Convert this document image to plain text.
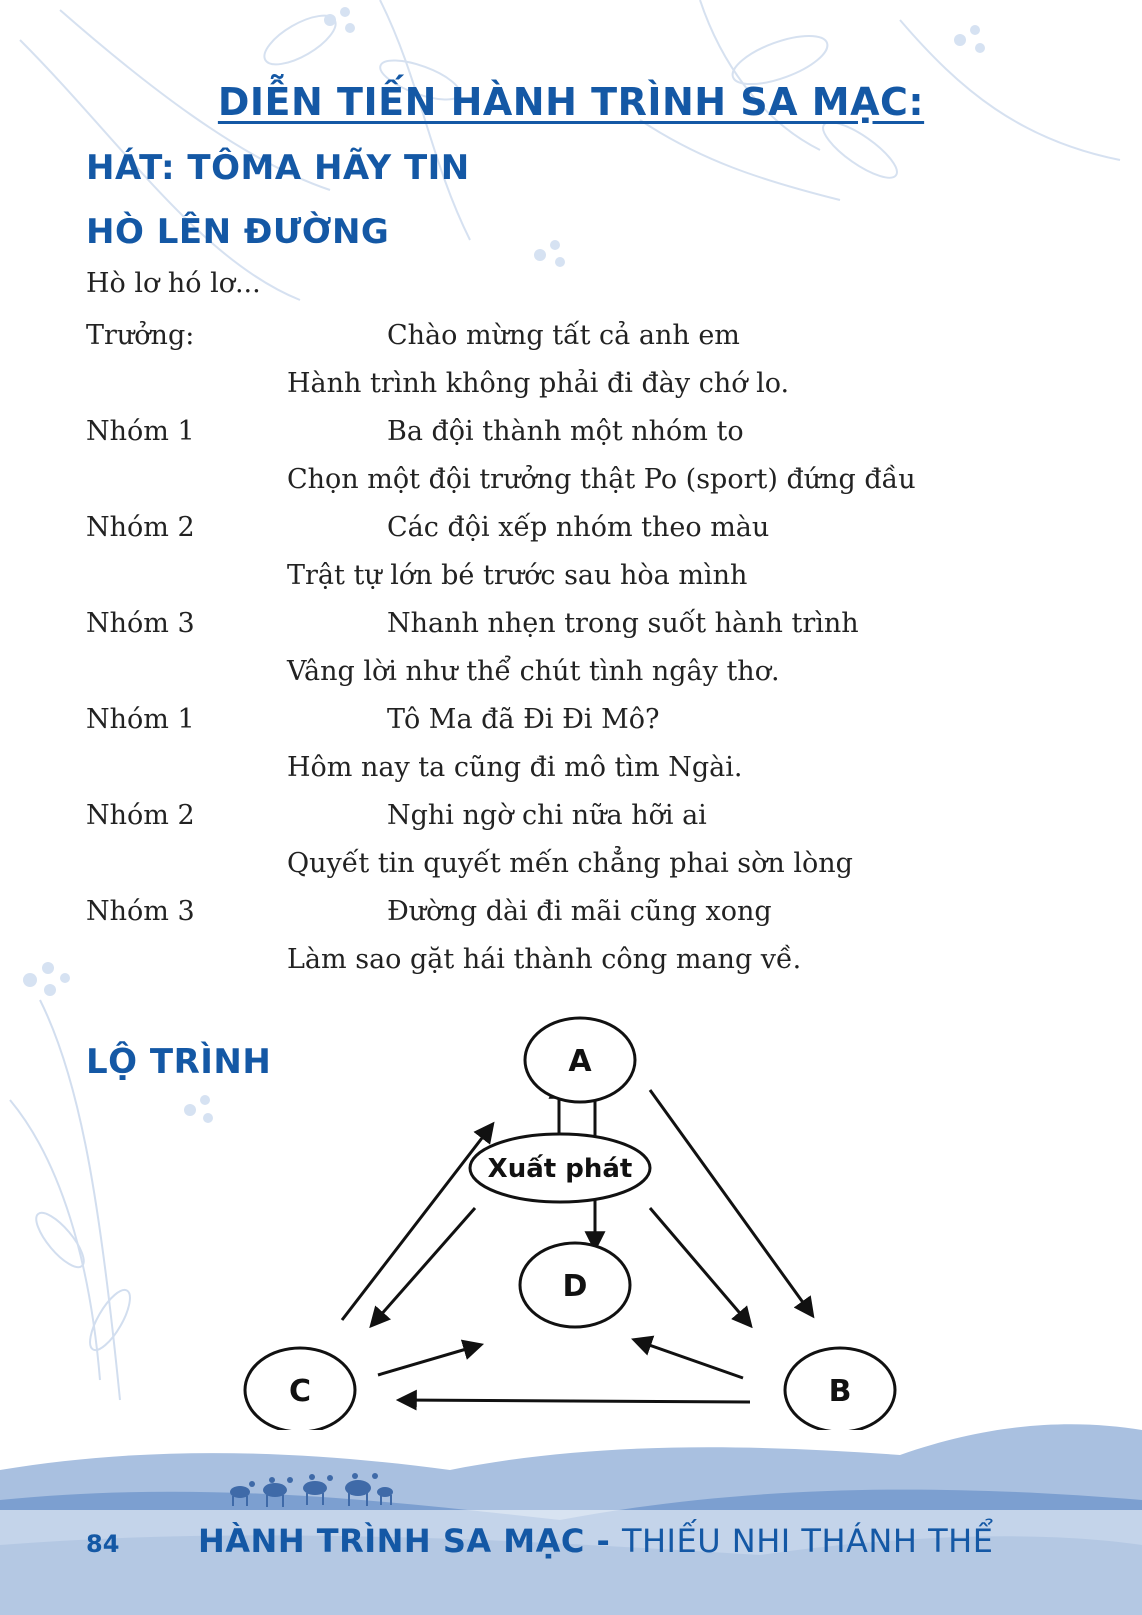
DIỄN TIẾN HÀNH TRÌNH SA MẠC:
HÁT: TÔMA HÃY TIN
HÒ LÊN ĐƯỜNG
Hò lơ hó lơ...
Trưởng:	Chào mừng tất cả anh em
Hành trình không phải đi đày chớ lo.
Nhóm 1	Ba đội thành một nhóm to
Chọn một đội trưởng thật Po (sport) đứng đầu
Nhóm 2	Các đội xếp nhóm theo màu
Trật tự lớn bé trước sau hòa mình
Nhóm 3	Nhanh nhẹn trong suốt hành trình
Vâng lời như thể chút tình ngây thơ.
Nhóm 1	Tô Ma đã Đi Đi Mô?
Hôm nay ta cũng đi mô tìm Ngài.
Nhóm 2	Nghi ngờ chi nữa hỡi ai
Quyết tin quyết mến chẳng phai sờn lòng
Nhóm 3	Đường dài đi mãi cũng xong
Làm sao gặt hái thành công mang về.
LỘ TRÌNH	A
Xuất phát
D
C	B
84 HÀNH TRÌNH SA MẠC - THIẾU NHI THÁNH THỂ
